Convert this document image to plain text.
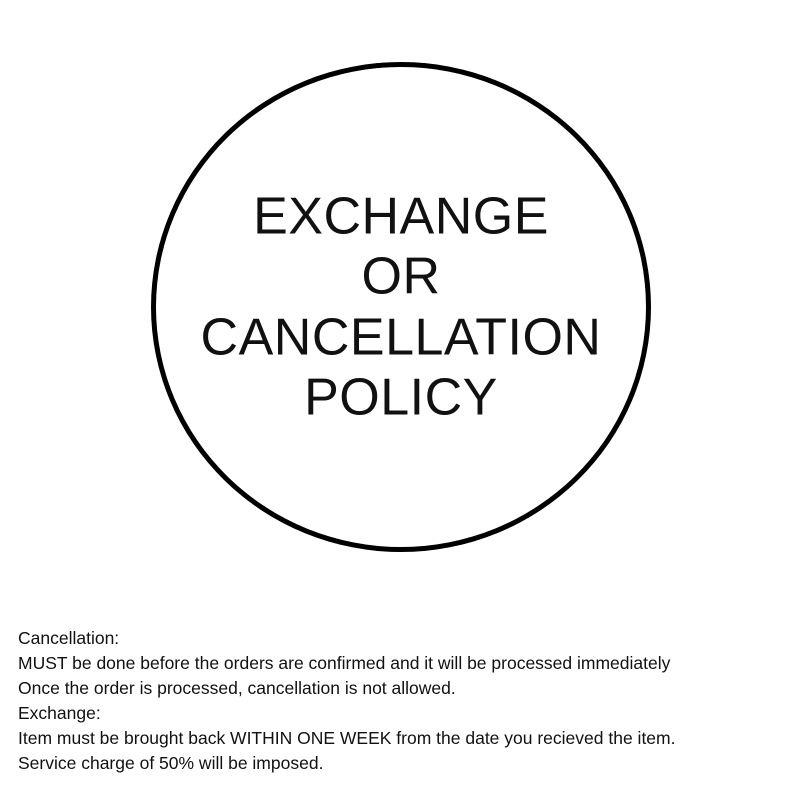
EXCHANGE
OR
CANCELLATION
POLICY

Cancellation:

MUST be done before the orders are confirmed and it will be processed immediately

Once the order is processed, cancellation is not allowed.

Exchange:

Item must be brought back WITHIN ONE WEEK from the date you recieved the item.

Service charge of 50% will be imposed.
